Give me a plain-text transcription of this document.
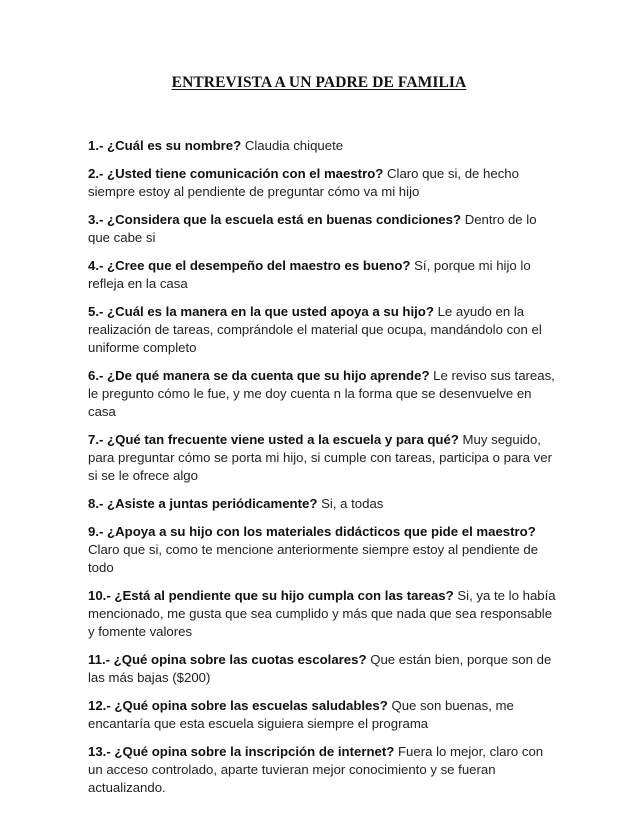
ENTREVISTA A UN PADRE DE FAMILIA

1.- ¿Cuál es su nombre? Claudia chiquete

2.- ¿Usted tiene comunicación con el maestro? Claro que si, de hecho siempre estoy al pendiente de preguntar cómo va mi hijo

3.- ¿Considera que la escuela está en buenas condiciones? Dentro de lo que cabe si

4.- ¿Cree que el desempeño del maestro es bueno? Sí, porque mi hijo lo refleja en la casa

5.- ¿Cuál es la manera en la que usted apoya a su hijo? Le ayudo en la realización de tareas, comprándole el material que ocupa, mandándolo con el uniforme completo

6.- ¿De qué manera se da cuenta que su hijo aprende? Le reviso sus tareas, le pregunto cómo le fue, y me doy cuenta n la forma que se desenvuelve en casa

7.- ¿Qué tan frecuente viene usted a la escuela y para qué? Muy seguido, para preguntar cómo se porta mi hijo, si cumple con tareas, participa o para ver si se le ofrece algo

8.- ¿Asiste a juntas periódicamente? Si, a todas

9.- ¿Apoya a su hijo con los materiales didácticos que pide el maestro? Claro que si, como te mencione anteriormente siempre estoy al pendiente de todo

10.- ¿Está al pendiente que su hijo cumpla con las tareas? Si, ya te lo había mencionado, me gusta que sea cumplido y más que nada que sea responsable y fomente valores

11.- ¿Qué opina sobre las cuotas escolares? Que están bien, porque son de las más bajas ($200)

12.- ¿Qué opina sobre las escuelas saludables? Que son buenas, me encantaría que esta escuela siguiera siempre el programa

13.- ¿Qué opina sobre la inscripción de internet? Fuera lo mejor, claro con un acceso controlado, aparte tuvieran mejor conocimiento y se fueran actualizando.
